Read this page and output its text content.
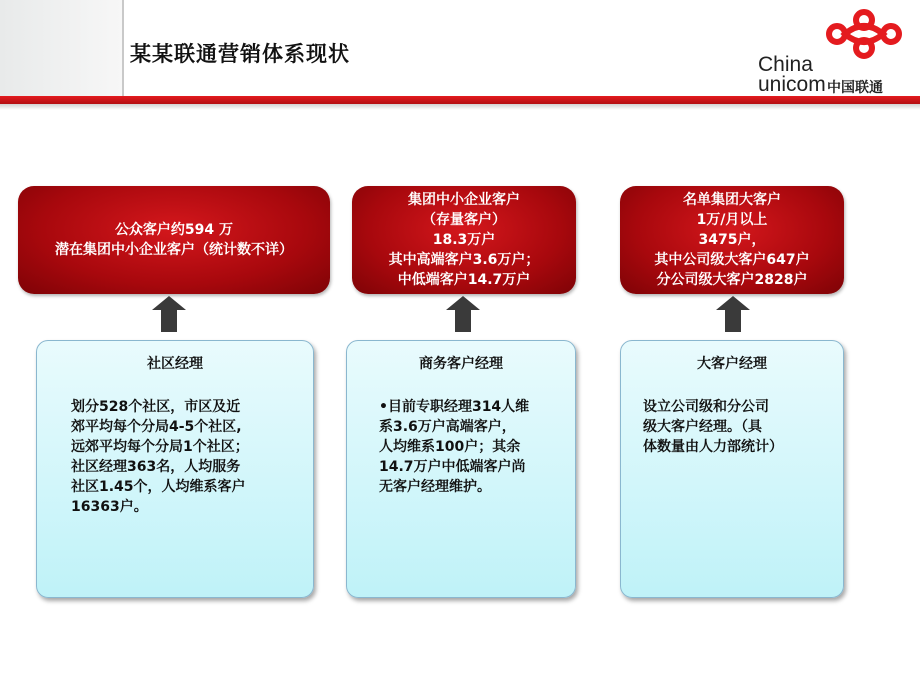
某某联通营销体系现状	China
unicom 中国联通
公众客户约594 万
潜在集团中小企业客户（统计数不详）
社区经理
划分528个社区，市区及近
郊平均每个分局4-5个社区,
远郊平均每个分局1个社区；
社区经理363名，人均服务
社区1.45个，人均维系客户
16363户。
集团中小企业客户
（存量客户）
18.3万户
其中高端客户3.6万户；
中低端客户14.7万户
商务客户经理
•目前专职经理314人维
系3.6万户高端客户，
人均维系100户；其余
14.7万户中低端客户尚
无客户经理维护。
名单集团大客户
1万/月以上
3475户，
其中公司级大客户647户
分公司级大客户2828户
大客户经理
设立公司级和分公司
级大客户经理。（具
体数量由人力部统计）
